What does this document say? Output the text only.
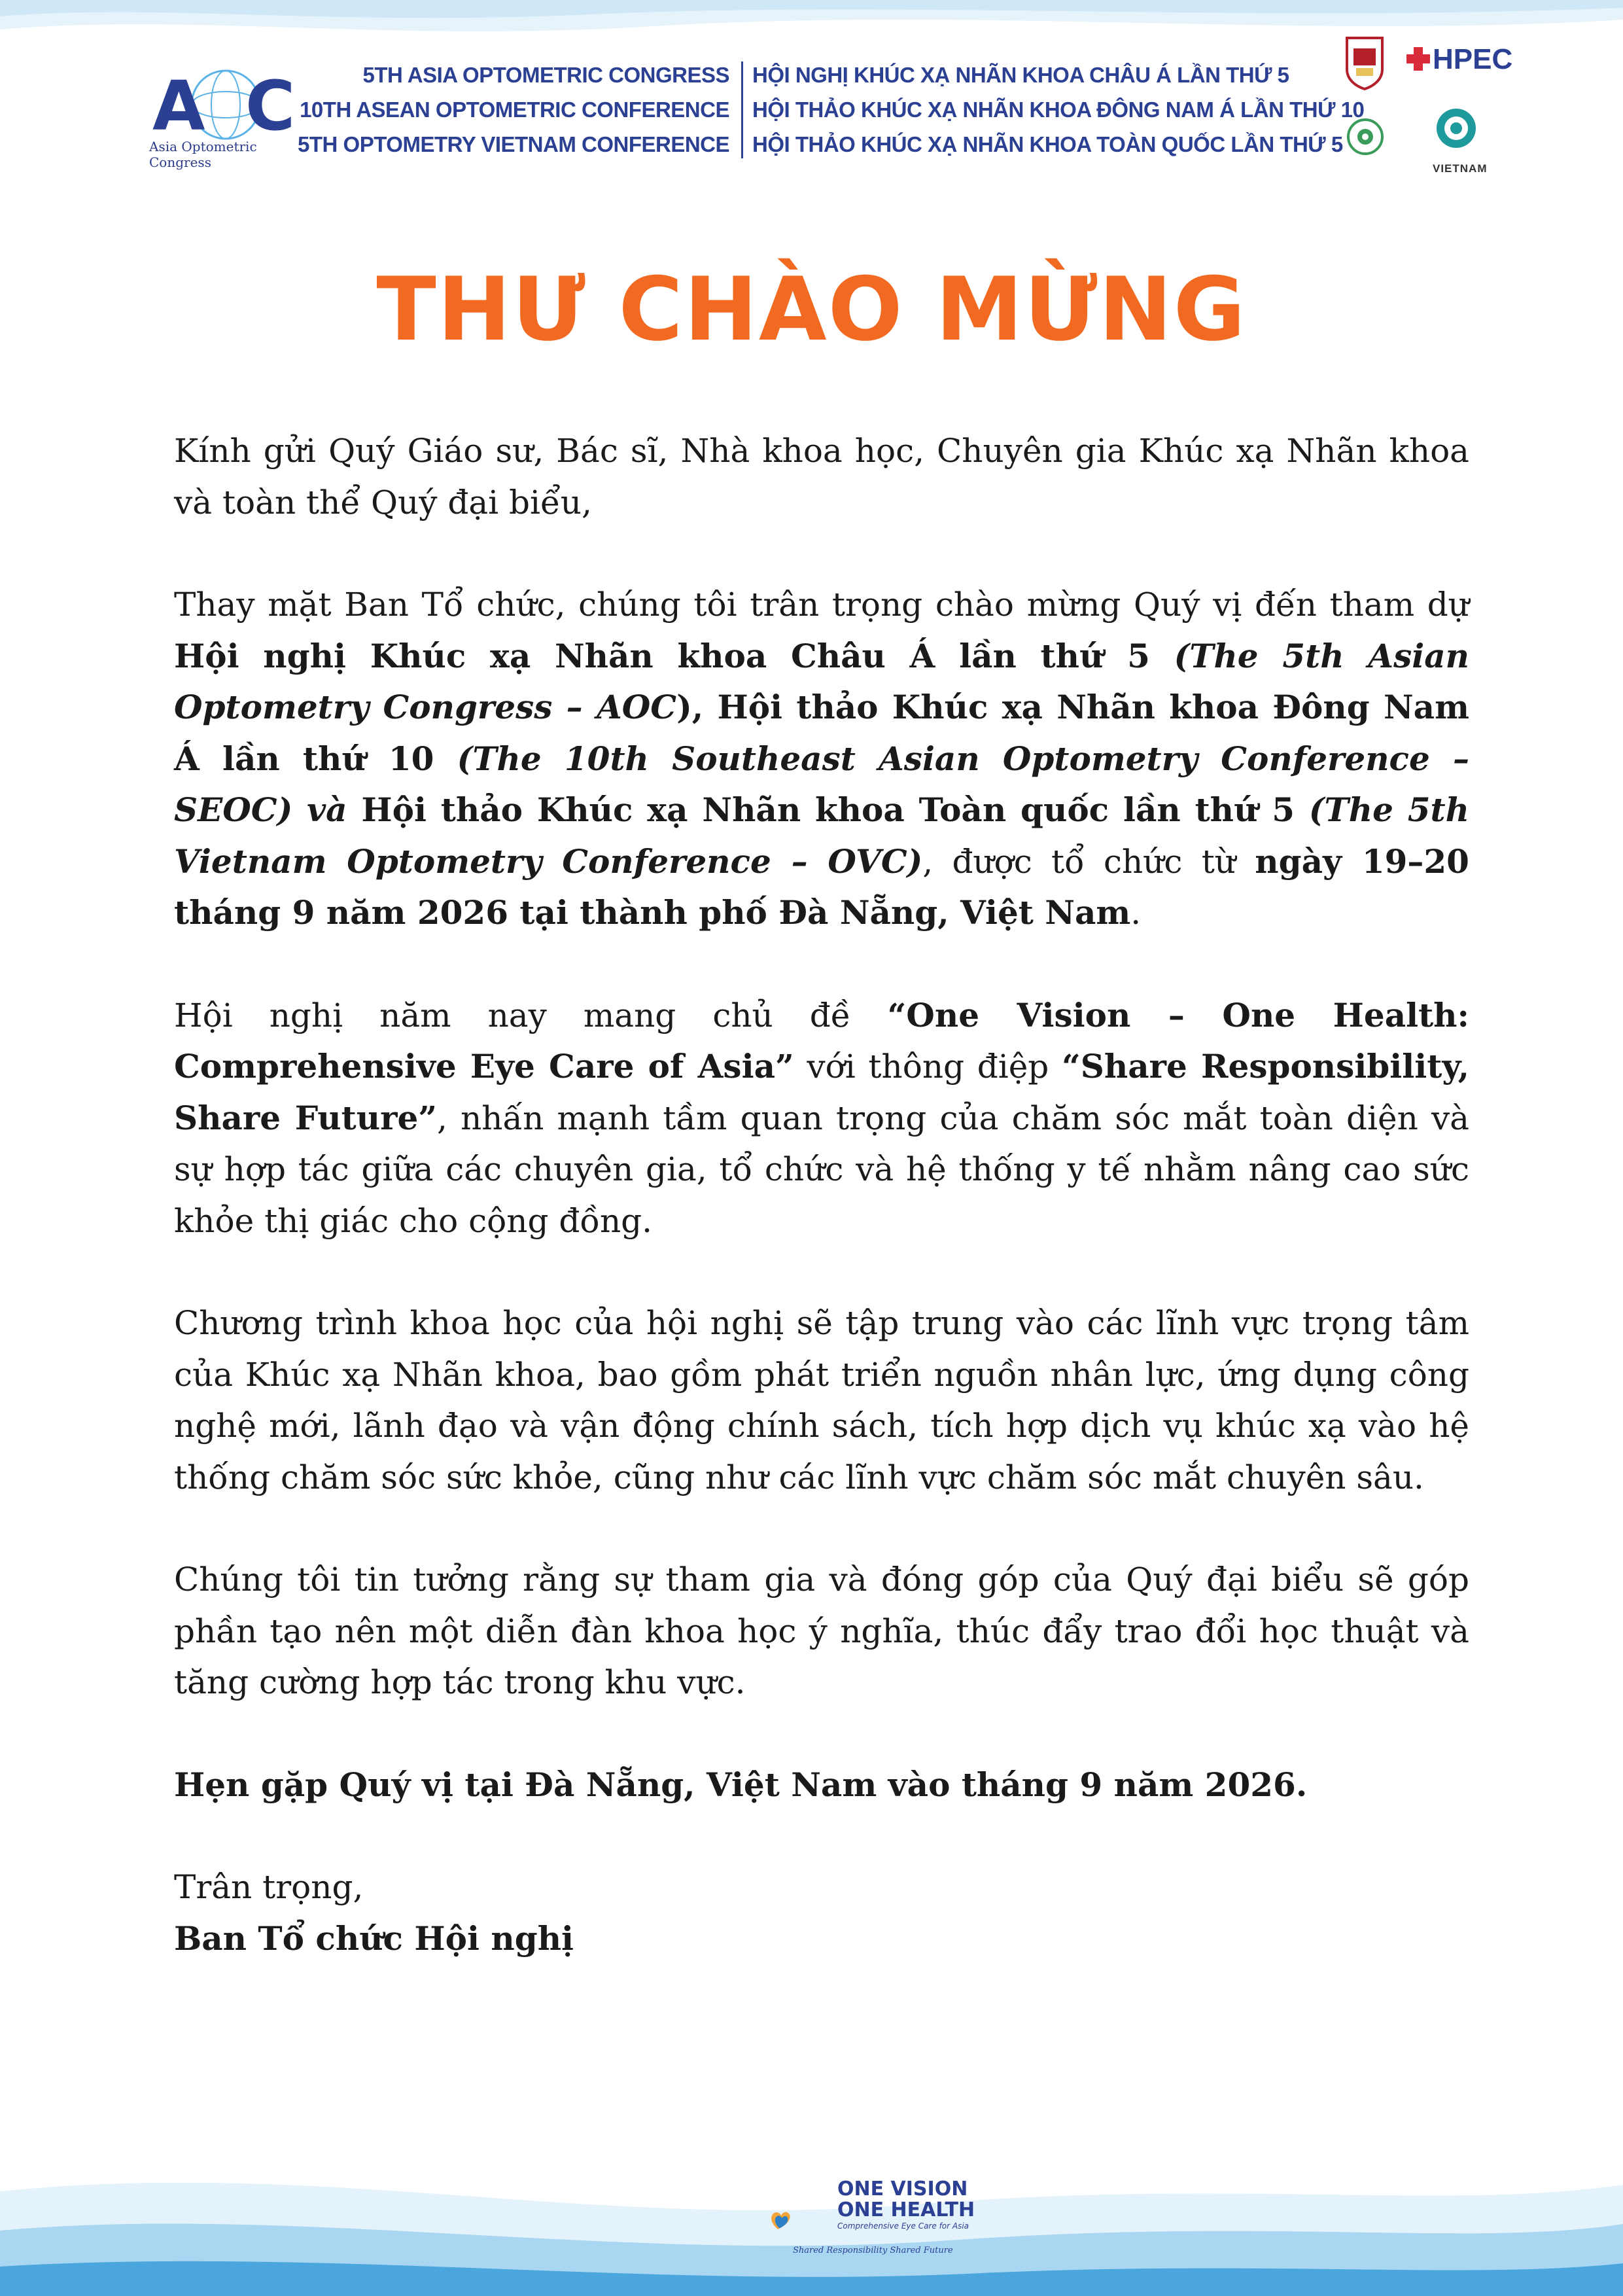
A C
Asia Optometric Congress
5TH ASIA OPTOMETRIC CONGRESS
10TH ASEAN OPTOMETRIC CONFERENCE
5TH OPTOMETRY VIETNAM CONFERENCE
HỘI NGHỊ KHÚC XẠ NHÃN KHOA CHÂU Á LẦN THỨ 5
HỘI THẢO KHÚC XẠ NHÃN KHOA ĐÔNG NAM Á LẦN THỨ 10
HỘI THẢO KHÚC XẠ NHÃN KHOA TOÀN QUỐC LẦN THỨ 5
HPEC
VIETNAM
THƯ CHÀO MỪNG

Kính gửi Quý Giáo sư, Bác sĩ, Nhà khoa học, Chuyên gia Khúc xạ Nhãn khoa và toàn thể Quý đại biểu,

Thay mặt Ban Tổ chức, chúng tôi trân trọng chào mừng Quý vị đến tham dự Hội nghị Khúc xạ Nhãn khoa Châu Á lần thứ 5 (The 5th Asian Optometry Congress – AOC), Hội thảo Khúc xạ Nhãn khoa Đông Nam Á lần thứ 10 (The 10th Southeast Asian Optometry Conference – SEOC) và Hội thảo Khúc xạ Nhãn khoa Toàn quốc lần thứ 5 (The 5th Vietnam Optometry Conference – OVC), được tổ chức từ ngày 19–20 tháng 9 năm 2026 tại thành phố Đà Nẵng, Việt Nam.

Hội nghị năm nay mang chủ đề “One Vision – One Health: Comprehensive Eye Care of Asia” với thông điệp “Share Responsibility, Share Future”, nhấn mạnh tầm quan trọng của chăm sóc mắt toàn diện và sự hợp tác giữa các chuyên gia, tổ chức và hệ thống y tế nhằm nâng cao sức khỏe thị giác cho cộng đồng.

Chương trình khoa học của hội nghị sẽ tập trung vào các lĩnh vực trọng tâm của Khúc xạ Nhãn khoa, bao gồm phát triển nguồn nhân lực, ứng dụng công nghệ mới, lãnh đạo và vận động chính sách, tích hợp dịch vụ khúc xạ vào hệ thống chăm sóc sức khỏe, cũng như các lĩnh vực chăm sóc mắt chuyên sâu.

Chúng tôi tin tưởng rằng sự tham gia và đóng góp của Quý đại biểu sẽ góp phần tạo nên một diễn đàn khoa học ý nghĩa, thúc đẩy trao đổi học thuật và tăng cường hợp tác trong khu vực.

Hẹn gặp Quý vị tại Đà Nẵng, Việt Nam vào tháng 9 năm 2026.

Trân trọng,

Ban Tổ chức Hội nghị

ONE VISION
ONE HEALTH
Comprehensive Eye Care for Asia
Shared Responsibility Shared Future
